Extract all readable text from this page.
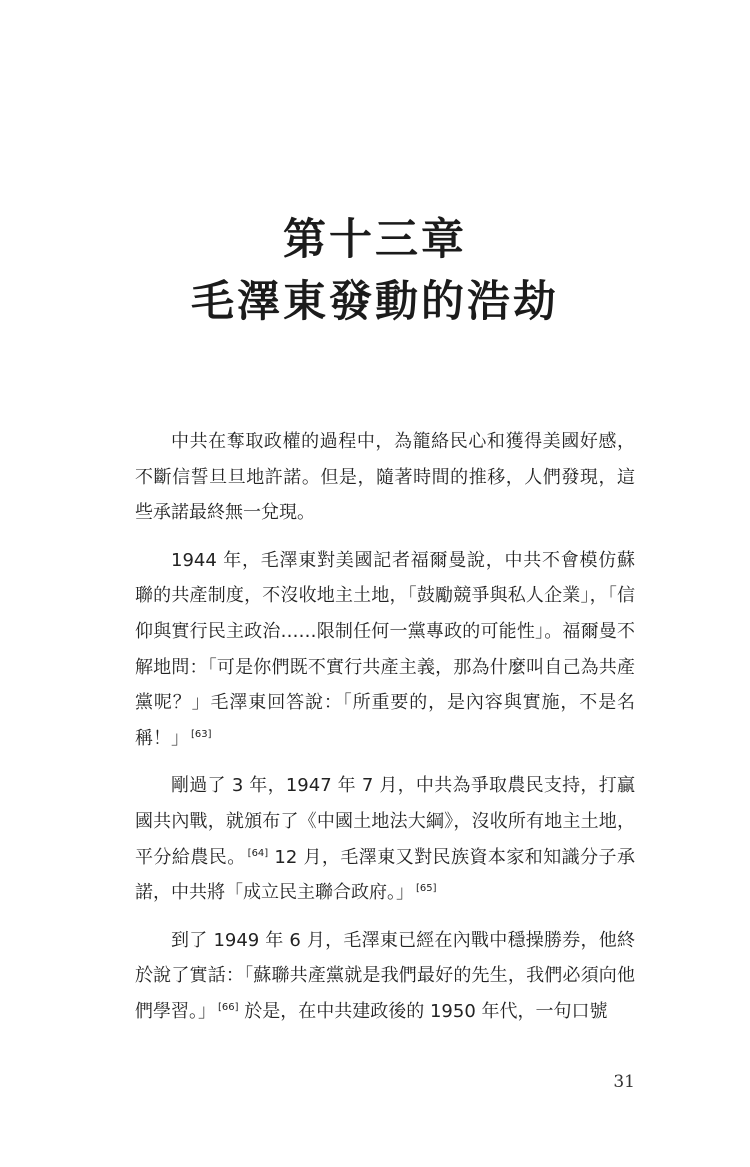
第十三章
毛澤東發動的浩劫

中共在奪取政權的過程中，為籠絡民心和獲得美國好感，不斷信誓旦旦地許諾。但是，隨著時間的推移，人們發現，這些承諾最終無一兌現。

1944 年，毛澤東對美國記者福爾曼說，中共不會模仿蘇聯的共產制度，不沒收地主土地，「鼓勵競爭與私人企業」，「信仰與實行民主政治……限制任何一黨專政的可能性」。福爾曼不解地問：「可是你們既不實行共產主義，那為什麼叫自己為共產黨呢？」毛澤東回答說：「所重要的，是內容與實施，不是名稱！」 [63]

剛過了 3 年，1947 年 7 月，中共為爭取農民支持，打贏國共內戰，就頒布了《中國土地法大綱》，沒收所有地主土地，平分給農民。 [64] 12 月，毛澤東又對民族資本家和知識分子承諾，中共將「成立民主聯合政府。」 [65]

到了 1949 年 6 月，毛澤東已經在內戰中穩操勝券，他終於說了實話：「蘇聯共產黨就是我們最好的先生，我們必須向他們學習。」 [66] 於是，在中共建政後的 1950 年代，一句口號

31
